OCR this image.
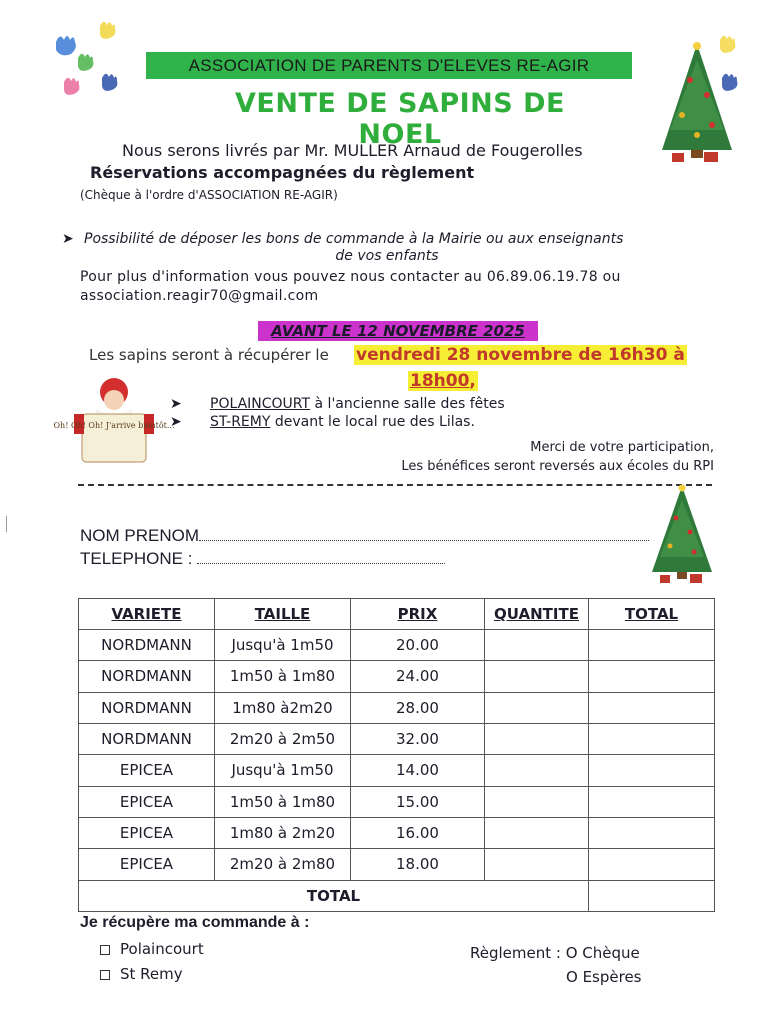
ASSOCIATION DE PARENTS D'ELEVES RE-AGIR
VENTE DE SAPINS DE NOEL
Nous serons livrés par Mr. MULLER Arnaud de Fougerolles
Réservations accompagnées du règlement
(Chèque à l'ordre d'ASSOCIATION RE-AGIR)
➤ Possibilité de déposer les bons de commande à la Mairie ou aux enseignants
de vos enfants
Pour plus d'information vous pouvez nous contacter au 06.89.06.19.78 ou
association.reagir70@gmail.com
AVANT LE 12 NOVEMBRE 2025
Les sapins seront à récupérer le vendredi 28 novembre de 16h30 à
18h00,
Oh! Oh! Oh! J'arrive bientôt...
➤ POLAINCOURT à l'ancienne salle des fêtes
➤ ST-REMY devant le local rue des Lilas.
Merci de votre participation,
Les bénéfices seront reversés aux écoles du RPI
NOM PRENOM
TELEPHONE :
VARIETE	TAILLE	PRIX	QUANTITE	TOTAL
NORDMANN	Jusqu'à 1m50	20.00		
NORDMANN	1m50 à 1m80	24.00		
NORDMANN	1m80 à2m20	28.00		
NORDMANN	2m20 à 2m50	32.00		
EPICEA	Jusqu'à 1m50	14.00		
EPICEA	1m50 à 1m80	15.00		
EPICEA	1m80 à 2m20	16.00		
EPICEA	2m20 à 2m80	18.00		
TOTAL				
Je récupère ma commande à :
Polaincourt
St Remy
Règlement : O Chèque
O Espères
